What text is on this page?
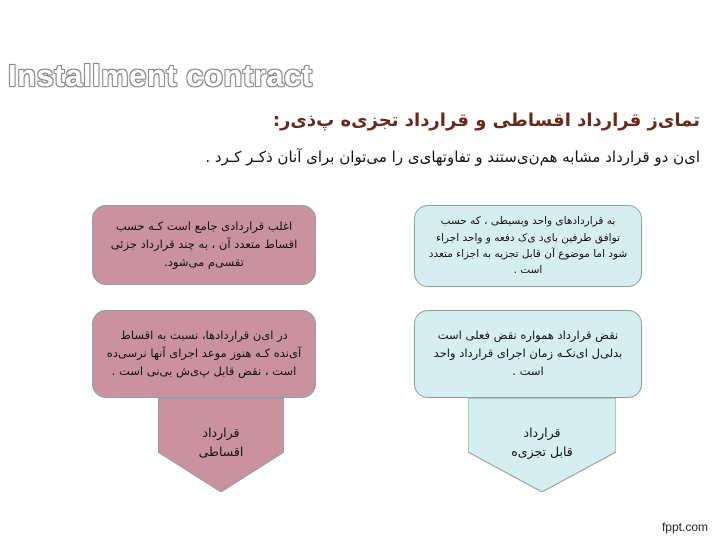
Installment contract
تمای‌ز قرارداد اقساطی و قرارداد تجزی‌ه پ‌ذی‌ر:
ای‌ن دو قرارداد مشابه هم‌ن‌ی‌ستند و تفاوتهای‌ی را می‌توان برای آنان ذکـر کـرد .
اغلب قراردادی جامع است کـه حسب اقساط متعدد آن ، به چند قرارداد جزئی تقسی‌م می‌شود.
به قراردادهای واحد وبسیطی ، که حسب توافق طرفین بای‌د ی‌ک دفعه و واحد اجراء شود اما موضوع آن قابل تجزیه به اجزاء متعدد است .
در ای‌ن قراردادها، نسبت به اقساط آی‌نده کـه هنوز موعد اجرای آنها نرسی‌ده است ، نقض قابل پ‌ی‌ش بی‌نی است .
نقض قرارداد همواره نقض فعلی است بدلی‌ل ای‌نکـه زمان اجرای قرارداد واحد است .
قرارداد
اقساطی
قرارداد
قابل تجزی‌ه
fppt.com
